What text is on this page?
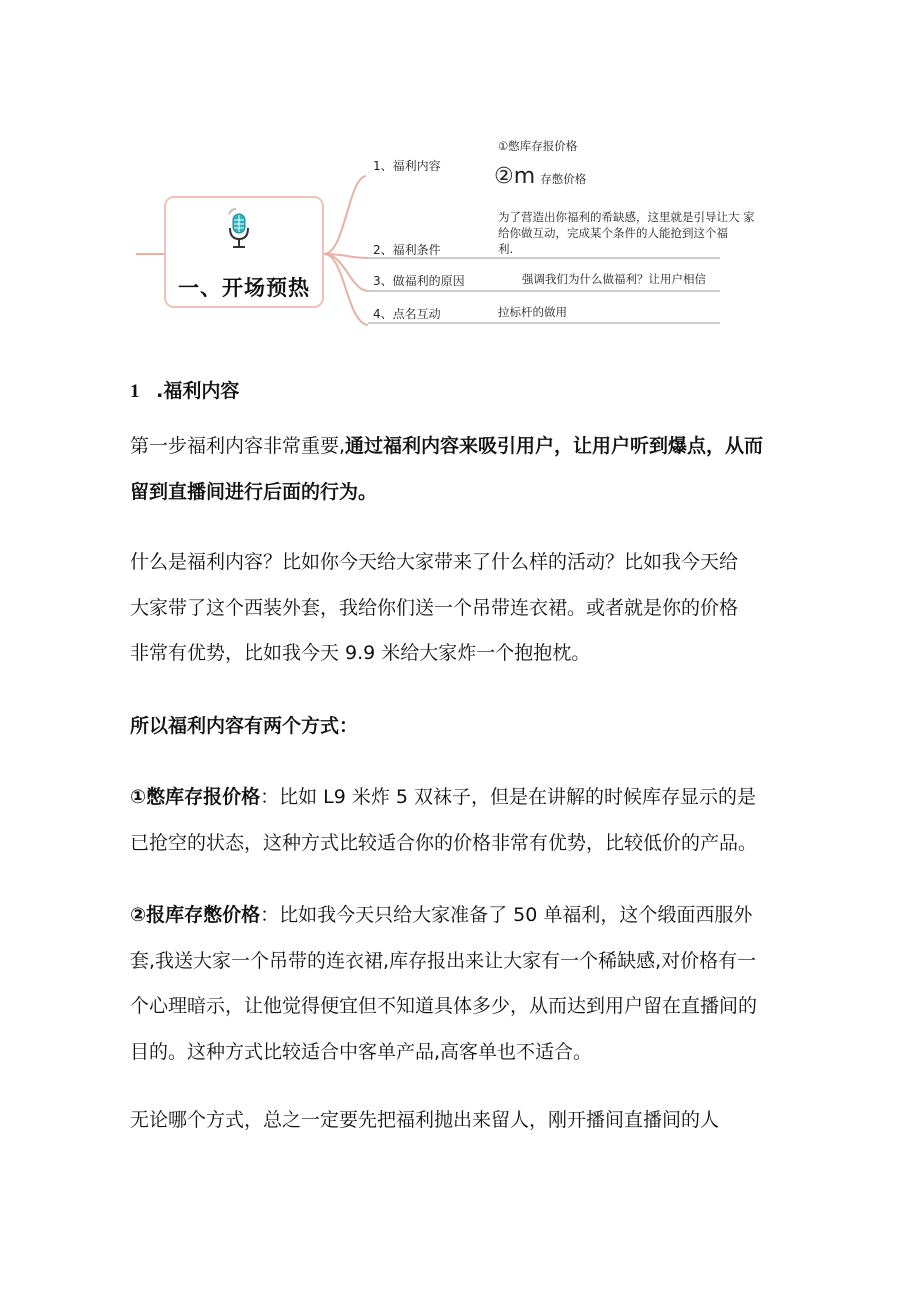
一、开场预热
1、福利内容
2、福利条件
3、做福利的原因
4、点名互动
①憋库存报价格
②m 存憋价格
为了营造出你福利的希缺感，这里就是引导让大 家
给你做互动，完成某个条件的人能抢到这个福
利.
强调我们为什么做福利？让用户相信
拉标杆的做用
1 .福利内容
第一步福利内容非常重要,通过福利内容来吸引用户，让用户听到爆点，从而
留到直播间进行后面的行为。
什么是福利内容？比如你今天给大家带来了什么样的活动？比如我今天给
大家带了这个西装外套，我给你们送一个吊带连衣裙。或者就是你的价格
非常有优势，比如我今天 9.9 米给大家炸一个抱抱枕。
所以福利内容有两个方式：
①憋库存报价格：比如 L9 米炸 5 双袜子，但是在讲解的时候库存显示的是
已抢空的状态，这种方式比较适合你的价格非常有优势，比较低价的产品。
②报库存憋价格：比如我今天只给大家准备了 50 单福利，这个缎面西服外
套,我送大家一个吊带的连衣裙,库存报出来让大家有一个稀缺感,对价格有一
个心理暗示，让他觉得便宜但不知道具体多少，从而达到用户留在直播间的
目的。这种方式比较适合中客单产品,高客单也不适合。
无论哪个方式，总之一定要先把福利抛出来留人，刚开播间直播间的人
